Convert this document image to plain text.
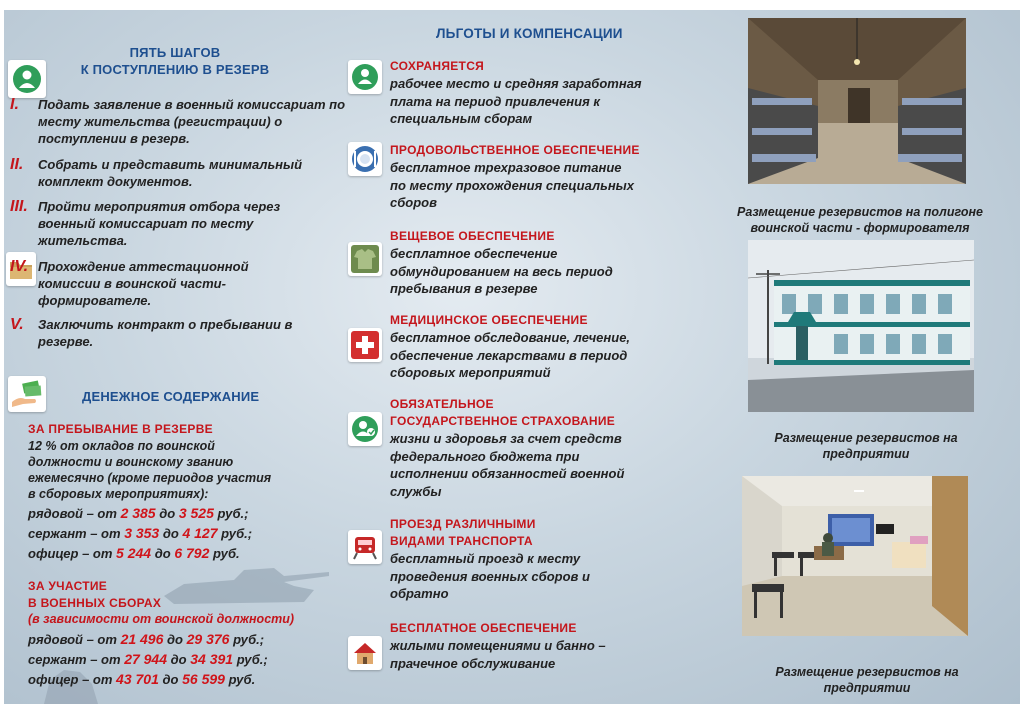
ПЯТЬ ШАГОВ
К ПОСТУПЛЕНИЮ В РЕЗЕРВ
I. Подать заявление в военный комиссариат по месту жительства (регистрации) о поступлении в резерв.
II. Собрать и представить минимальный комплект документов.
III. Пройти мероприятия отбора через военный комиссариат по месту жительства.
IV. Прохождение аттестационной комиссии в воинской части-формирователе.
V. Заключить контракт о пребывании в резерве.
ДЕНЕЖНОЕ СОДЕРЖАНИЕ
ЗА ПРЕБЫВАНИЕ В РЕЗЕРВЕ
12 % от окладов по воинской
должности и воинскому званию
ежемесячно (кроме периодов участия
в сборовых мероприятиях):
рядовой – от 2 385 до 3 525 руб.;
сержант – от 3 353 до 4 127 руб.;
офицер – от 5 244 до 6 792 руб.
ЗА УЧАСТИЕ
В ВОЕННЫХ СБОРАХ
(в зависимости от воинской должности)
рядовой – от 21 496 до 29 376 руб.;
сержант – от 27 944 до 34 391 руб.;
офицер – от 43 701 до 56 599 руб.
ЛЬГОТЫ И КОМПЕНСАЦИИ
СОХРАНЯЕТСЯ
рабочее место и средняя заработная
плата на период привлечения к
специальным сборам
ПРОДОВОЛЬСТВЕННОЕ ОБЕСПЕЧЕНИЕ
бесплатное трехразовое питание
по месту прохождения специальных
сборов
ВЕЩЕВОЕ ОБЕСПЕЧЕНИЕ
бесплатное обеспечение
обмундированием на весь период
пребывания в резерве
МЕДИЦИНСКОЕ ОБЕСПЕЧЕНИЕ
бесплатное обследование, лечение,
обеспечение лекарствами в период
сборовых мероприятий
ОБЯЗАТЕЛЬНОЕ
ГОСУДАРСТВЕННОЕ СТРАХОВАНИЕ
жизни и здоровья за счет средств
федерального бюджета при
исполнении обязанностей военной
службы
ПРОЕЗД РАЗЛИЧНЫМИ
ВИДАМИ ТРАНСПОРТА
бесплатный проезд к месту
проведения военных сборов и
обратно
БЕСПЛАТНОЕ ОБЕСПЕЧЕНИЕ
жилыми помещениями и банно –
прачечное обслуживание
Размещение резервистов на полигоне
воинской части - формирователя
Размещение резервистов на
предприятии
Размещение резервистов на
предприятии
